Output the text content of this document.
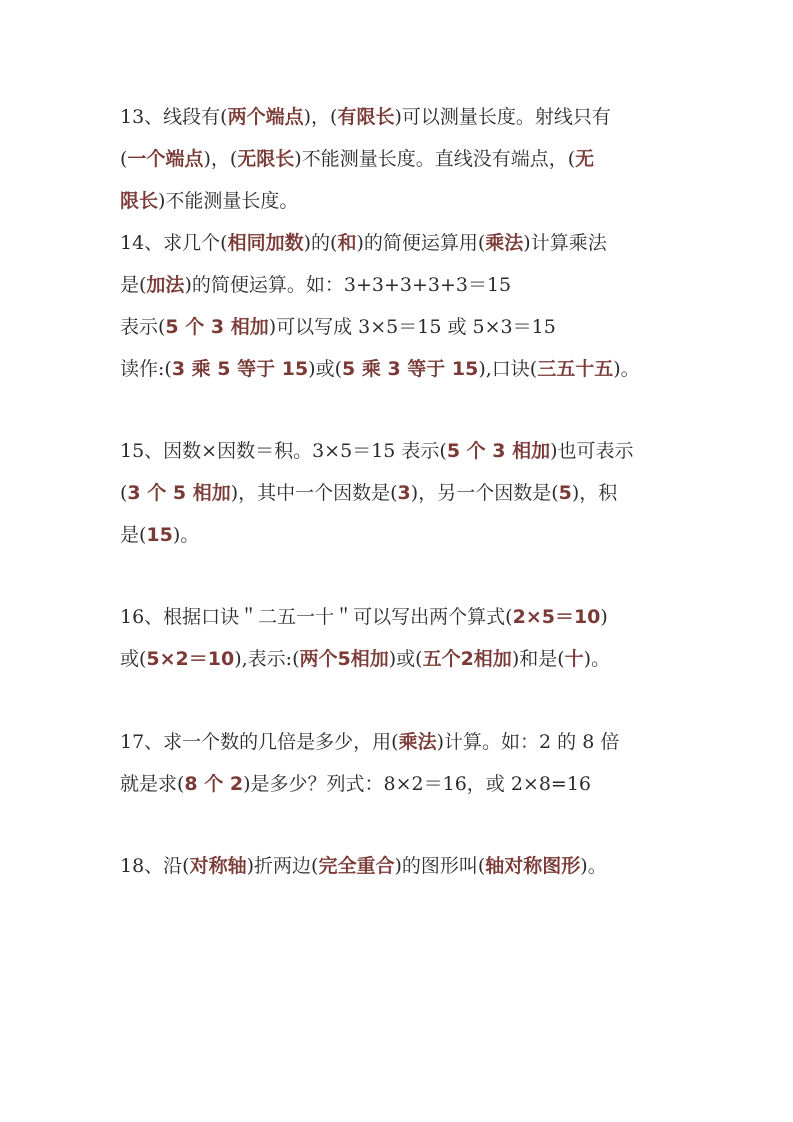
13、线段有(两个端点)，(有限长)可以测量长度。射线只有
(一个端点)，(无限长)不能测量长度。直线没有端点，(无
限长)不能测量长度。
14、求几个(相同加数)的(和)的简便运算用(乘法)计算乘法
是(加法)的简便运算。如：3+3+3+3+3＝15
表示(5 个 3 相加)可以写成 3×5＝15 或 5×3＝15
读作:(3 乘 5 等于 15)或(5 乘 3 等于 15),口诀(三五十五)。
15、因数×因数＝积。3×5＝15 表示(5 个 3 相加)也可表示
(3 个 5 相加)，其中一个因数是(3)，另一个因数是(5)，积
是(15)。
16、根据口诀＂二五一十＂可以写出两个算式(2×5＝10)
或(5×2＝10),表示:(两个5相加)或(五个2相加)和是(十)。
17、求一个数的几倍是多少，用(乘法)计算。如：2 的 8 倍
就是求(8 个 2)是多少？列式：8×2＝16，或 2×8=16
18、沿(对称轴)折两边(完全重合)的图形叫(轴对称图形)。
